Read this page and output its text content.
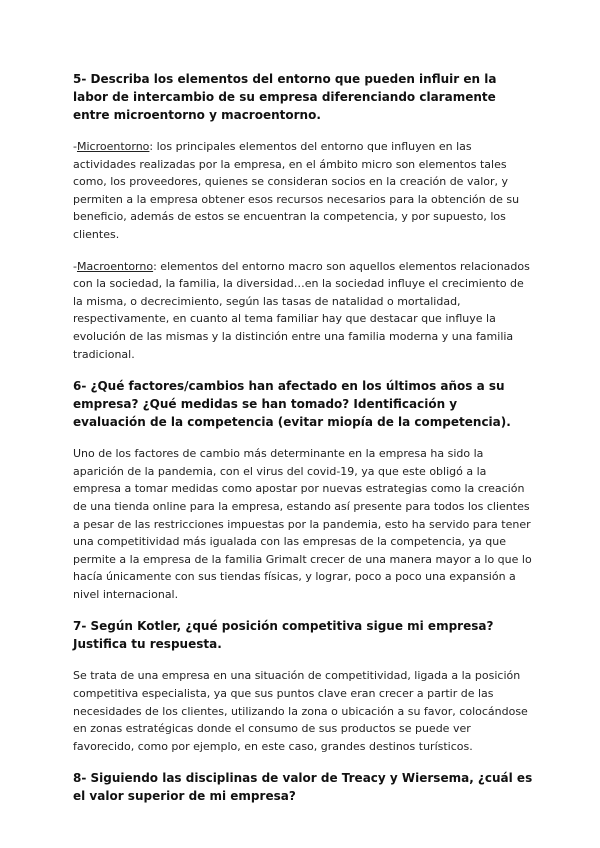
5- Describa los elementos del entorno que pueden influir en la labor de intercambio de su empresa diferenciando claramente entre microentorno y macroentorno.

-Microentorno: los principales elementos del entorno que influyen en las actividades realizadas por la empresa, en el ámbito micro son elementos tales como, los proveedores, quienes se consideran socios en la creación de valor, y permiten a la empresa obtener esos recursos necesarios para la obtención de su beneficio, además de estos se encuentran la competencia, y por supuesto, los clientes.

-Macroentorno: elementos del entorno macro son aquellos elementos relacionados con la sociedad, la familia, la diversidad…en la sociedad influye el crecimiento de la misma, o decrecimiento, según las tasas de natalidad o mortalidad, respectivamente, en cuanto al tema familiar hay que destacar que influye la evolución de las mismas y la distinción entre una familia moderna y una familia tradicional.

6- ¿Qué factores/cambios han afectado en los últimos años a su empresa? ¿Qué medidas se han tomado? Identificación y evaluación de la competencia (evitar miopía de la competencia).

Uno de los factores de cambio más determinante en la empresa ha sido la aparición de la pandemia, con el virus del covid-19, ya que este obligó a la empresa a tomar medidas como apostar por nuevas estrategias como la creación de una tienda online para la empresa, estando así presente para todos los clientes a pesar de las restricciones impuestas por la pandemia, esto ha servido para tener una competitividad más igualada con las empresas de la competencia, ya que permite a la empresa de la familia Grimalt crecer de una manera mayor a lo que lo hacía únicamente con sus tiendas físicas, y lograr, poco a poco una expansión a nivel internacional.

7- Según Kotler, ¿qué posición competitiva sigue mi empresa? Justifica tu respuesta.

Se trata de una empresa en una situación de competitividad, ligada a la posición competitiva especialista, ya que sus puntos clave eran crecer a partir de las necesidades de los clientes, utilizando la zona o ubicación a su favor, colocándose en zonas estratégicas donde el consumo de sus productos se puede ver favorecido, como por ejemplo, en este caso, grandes destinos turísticos.

8- Siguiendo las disciplinas de valor de Treacy y Wiersema, ¿cuál es el valor superior de mi empresa?
